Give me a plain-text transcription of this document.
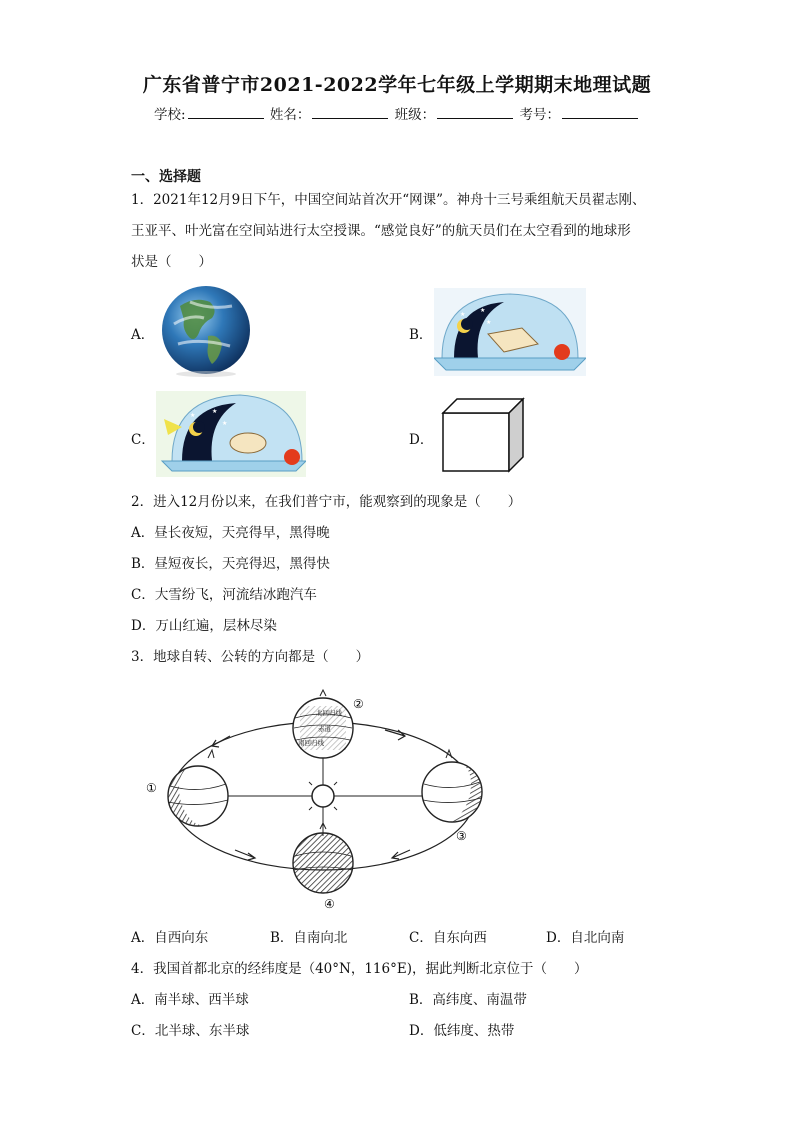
广东省普宁市2021-2022学年七年级上学期期末地理试题
学校:	姓名：	班级：	考号：
一、选择题
1．2021年12月9日下午，中国空间站首次开“网课”。神舟十三号乘组航天员翟志刚、
王亚平、叶光富在空间站进行太空授课。“感觉良好”的航天员们在太空看到的地球形
状是（　　）
A．	B．
★
★
★
C．
★
★
★
D．
2．进入12月份以来，在我们普宁市，能观察到的现象是（　　）
A．昼长夜短，天亮得早，黑得晚
B．昼短夜长，天亮得迟，黑得快
C．大雪纷飞，河流结冰跑汽车
D．万山红遍，层林尽染
3．地球自转、公转的方向都是（　　）
北回归线
赤道
南回归线
①
②
③
④
A．自西向东	B．自南向北	C．自东向西	D．自北向南
4．我国首都北京的经纬度是（40°N，116°E)，据此判断北京位于（　　）
A．南半球、西半球	B．高纬度、南温带
C．北半球、东半球	D．低纬度、热带
